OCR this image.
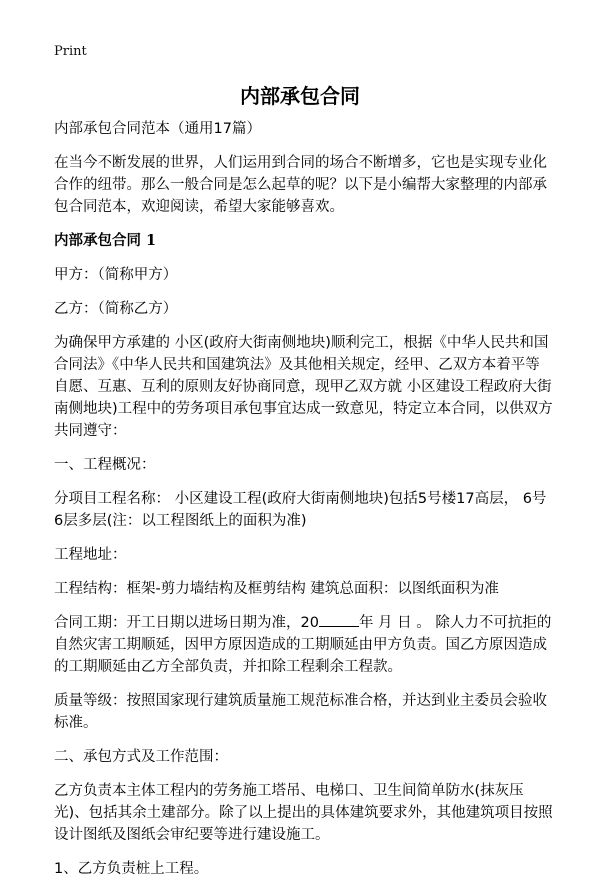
Print
内部承包合同

内部承包合同范本（通用17篇）

在当今不断发展的世界，人们运用到合同的场合不断增多，它也是实现专业化合作的纽带。那么一般合同是怎么起草的呢？以下是小编帮大家整理的内部承包合同范本，欢迎阅读，希望大家能够喜欢。

内部承包合同 1

甲方：（简称甲方）

乙方：（简称乙方）

为确保甲方承建的 小区(政府大街南侧地块)顺利完工，根据《中华人民共和国合同法》《中华人民共和国建筑法》及其他相关规定，经甲、乙双方本着平等自愿、互惠、互利的原则友好协商同意，现甲乙双方就 小区建设工程政府大街南侧地块)工程中的劳务项目承包事宜达成一致意见，特定立本合同，以供双方共同遵守：

一、工程概况：

分项目工程名称： 小区建设工程(政府大街南侧地块)包括5号楼17高层， 6号6层多层(注：以工程图纸上的面积为准)

工程地址：

工程结构：框架-剪力墙结构及框剪结构 建筑总面积：以图纸面积为准

合同工期：开工日期以进场日期为准，20	年 月 日 。 除人力不可抗拒的自然灾害工期顺延，因甲方原因造成的工期顺延由甲方负责。国乙方原因造成的工期顺延由乙方全部负责，并扣除工程剩余工程款。

质量等级：按照国家现行建筑质量施工规范标准合格，并达到业主委员会验收标准。

二、承包方式及工作范围：

乙方负责本主体工程内的劳务施工塔吊、电梯口、卫生间简单防水(抹灰压光)、包括其余土建部分。除了以上提出的具体建筑要求外，其他建筑项目按照设计图纸及图纸会审纪要等进行建设施工。

1、乙方负责桩上工程。
